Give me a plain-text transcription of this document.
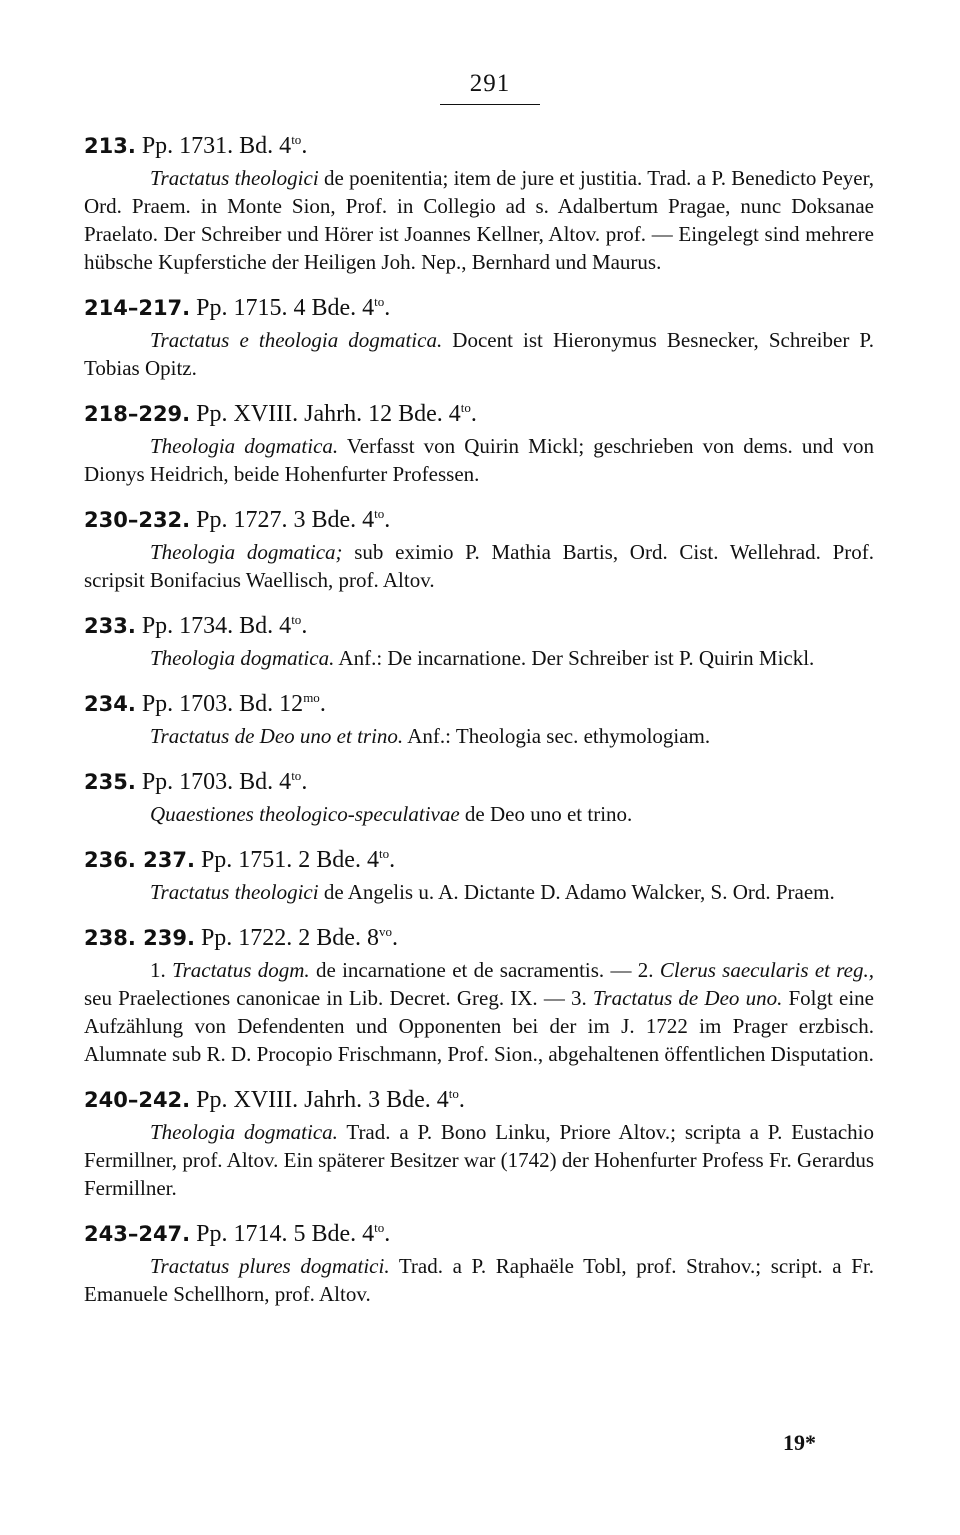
291
213. Pp. 1731. Bd. $4^{to}$.
Tractatus theologici de poenitentia; item de jure et justitia. Trad. a P. Benedicto Peyer, Ord. Praem. in Monte Sion, Prof. in Collegio ad s. Adalbertum Pragae, nunc Doksanae Praelato. Der Schreiber und Hörer ist Joannes Kellner, Altov. prof. — Eingelegt sind mehrere hübsche Kupferstiche der Heiligen Joh. Nep., Bernhard und Maurus.
214–217. Pp. 1715. 4 Bde. $4^{to}$.
Tractatus e theologia dogmatica. Docent ist Hieronymus Besnecker, Schreiber P. Tobias Opitz.
218–229. Pp. XVIII. Jahrh. 12 Bde. $4^{to}$.
Theologia dogmatica. Verfasst von Quirin Mickl; geschrieben von dems. und von Dionys Heidrich, beide Hohenfurter Professen.
230–232. Pp. 1727. 3 Bde. $4^{to}$.
Theologia dogmatica; sub eximio P. Mathia Bartis, Ord. Cist. Wellehrad. Prof. scripsit Bonifacius Waellisch, prof. Altov.
233. Pp. 1734. Bd. $4^{to}$.
Theologia dogmatica. Anf.: De incarnatione. Der Schreiber ist P. Quirin Mickl.
234. Pp. 1703. Bd. $12^{mo}$.
Tractatus de Deo uno et trino. Anf.: Theologia sec. ethymologiam.
235. Pp. 1703. Bd. $4^{to}$.
Quaestiones theologico-speculativae de Deo uno et trino.
236. 237. Pp. 1751. 2 Bde. $4^{to}$.
Tractatus theologici de Angelis u. A. Dictante D. Adamo Walcker, S. Ord. Praem.
238. 239. Pp. 1722. 2 Bde. $8^{vo}$.
1. Tractatus dogm. de incarnatione et de sacramentis. — 2. Clerus saecularis et reg., seu Praelectiones canonicae in Lib. Decret. Greg. IX. — 3. Tractatus de Deo uno. Folgt eine Aufzählung von Defendenten und Opponenten bei der im J. 1722 im Prager erzbisch. Alumnate sub R. D. Procopio Frischmann, Prof. Sion., abgehaltenen öffentlichen Disputation.
240–242. Pp. XVIII. Jahrh. 3 Bde. $4^{to}$.
Theologia dogmatica. Trad. a P. Bono Linku, Priore Altov.; scripta a P. Eustachio Fermillner, prof. Altov. Ein späterer Besitzer war (1742) der Hohenfurter Profess Fr. Gerardus Fermillner.
243–247. Pp. 1714. 5 Bde. $4^{to}$.
Tractatus plures dogmatici. Trad. a P. Raphaële Tobl, prof. Strahov.; script. a Fr. Emanuele Schellhorn, prof. Altov.
19*
